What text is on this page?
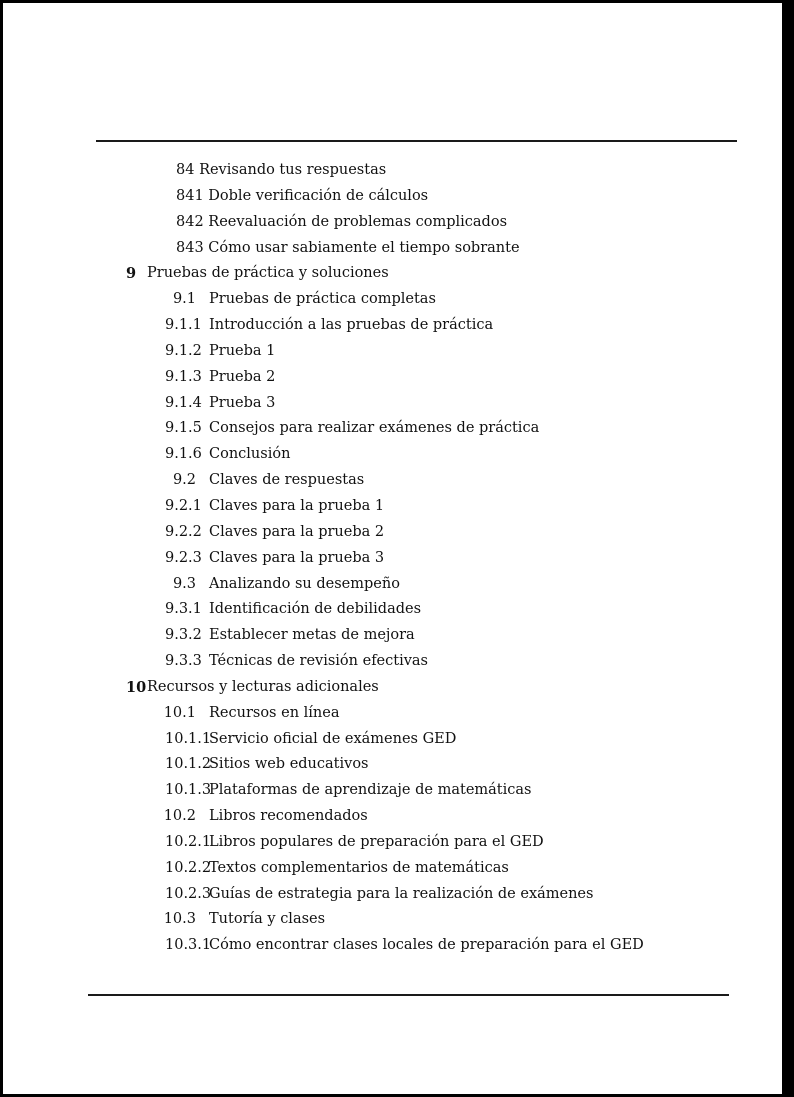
84 Revisando tus respuestas
841 Doble verificación de cálculos
842 Reevaluación de problemas complicados
843 Cómo usar sabiamente el tiempo sobrante
9 Pruebas de práctica y soluciones
9.1 Pruebas de práctica completas
9.1.1 Introducción a las pruebas de práctica
9.1.2 Prueba 1
9.1.3 Prueba 2
9.1.4 Prueba 3
9.1.5 Consejos para realizar exámenes de práctica
9.1.6 Conclusión
9.2 Claves de respuestas
9.2.1 Claves para la prueba 1
9.2.2 Claves para la prueba 2
9.2.3 Claves para la prueba 3
9.3 Analizando su desempeño
9.3.1 Identificación de debilidades
9.3.2 Establecer metas de mejora
9.3.3 Técnicas de revisión efectivas
10 Recursos y lecturas adicionales
10.1 Recursos en línea
10.1.1
Servicio oficial de exámenes GED
10.1.2
Sitios web educativos
10.1.3
Plataformas de aprendizaje de matemáticas
10.2 Libros recomendados
10.2.1
Libros populares de preparación para el GED
10.2.2
Textos complementarios de matemáticas
10.2.3
Guías de estrategia para la realización de exámenes
10.3 Tutoría y clases
10.3.1
Cómo encontrar clases locales de preparación para el GED
